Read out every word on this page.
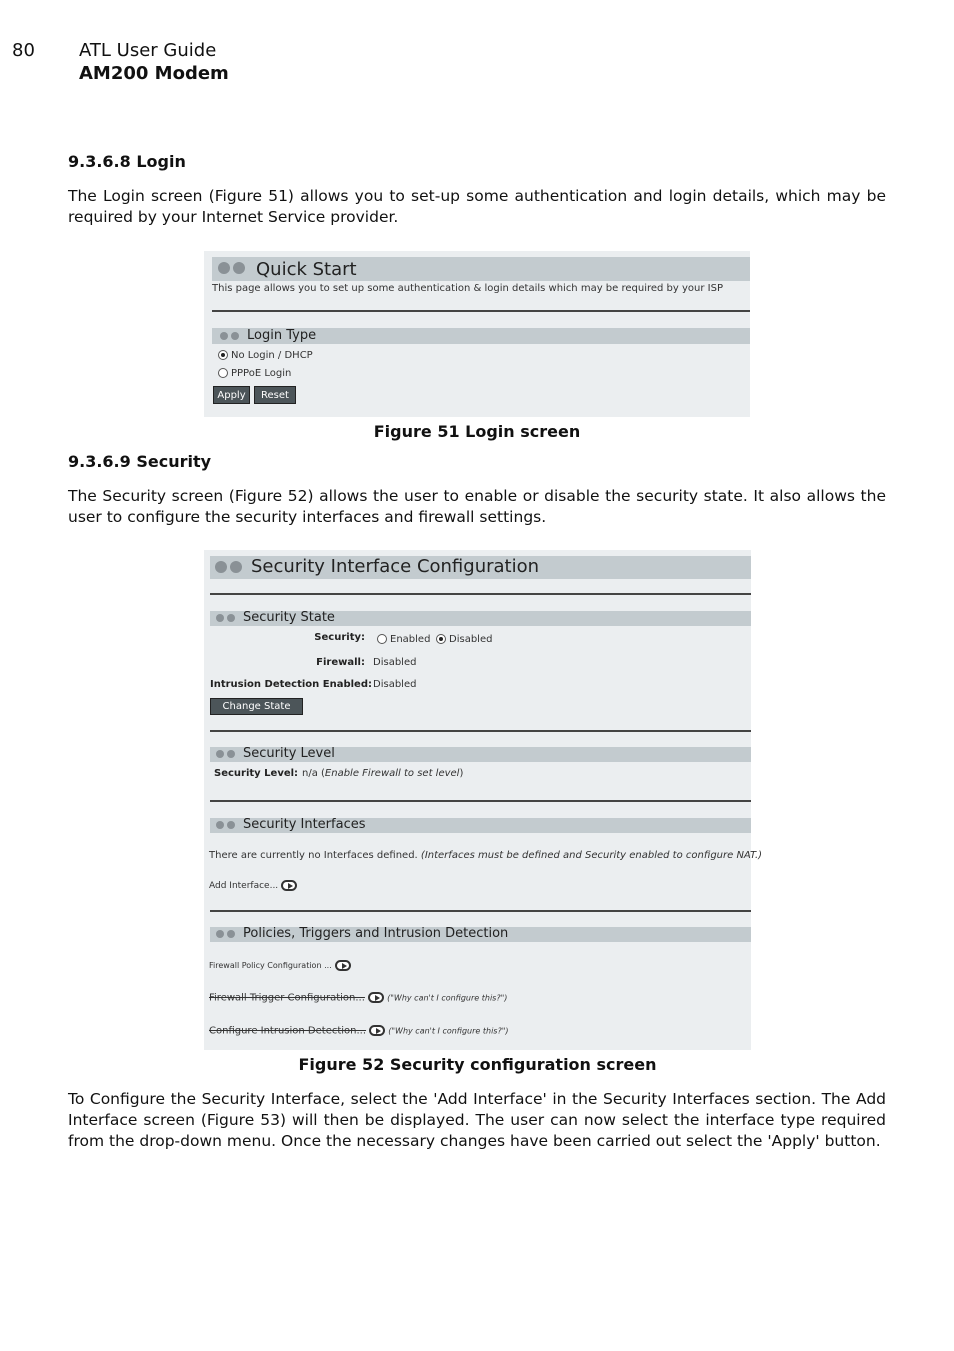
80 ATL User Guide
AM200 Modem
9.3.6.8 Login
The Login screen (Figure 51) allows you to set-up some authentication and login details, which may be required by your Internet Service provider.
Quick Start
This page allows you to set up some authentication & login details which may be required by your ISP
Login Type
No Login / DHCP
PPPoE Login
Apply	Reset
Figure 51 Login screen
9.3.6.9 Security
The Security screen (Figure 52) allows the user to enable or disable the security state. It also allows the user to configure the security interfaces and firewall settings.
Security Interface Configuration
Security State
Security:	Enabled	Disabled
Firewall: Disabled
Intrusion Detection Enabled: Disabled
Change State
Security Level
Security Level: n/a (Enable Firewall to set level)
Security Interfaces
There are currently no Interfaces defined. (Interfaces must be defined and Security enabled to configure NAT.)
Add Interface...
Policies, Triggers and Intrusion Detection
Firewall Policy Configuration ...
Firewall Trigger Configuration...	("Why can't I configure this?")
Configure Intrusion Detection...	("Why can't I configure this?")
Figure 52 Security configuration screen
To Configure the Security Interface, select the 'Add Interface' in the Security Interfaces section. The Add Interface screen (Figure 53) will then be displayed. The user can now select the interface type required from the drop-down menu. Once the necessary changes have been carried out select the 'Apply' button.
